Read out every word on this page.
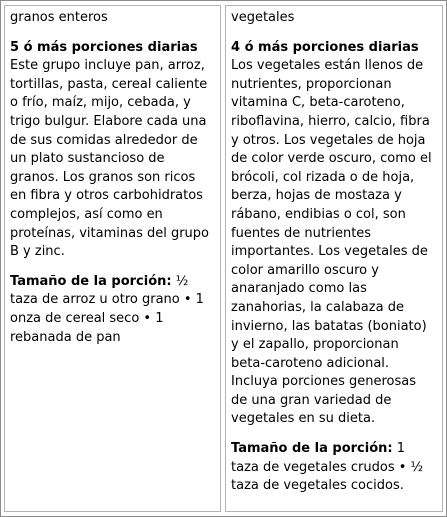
granos enteros

5 ó más porciones diarias

Este grupo incluye pan, arroz, tortillas, pasta, cereal caliente o frío, maíz, mijo, cebada, y trigo bulgur. Elabore cada una de sus comidas alrededor de un plato sustancioso de granos. Los granos son ricos en fibra y otros carbohidratos complejos, así como en proteínas, vitaminas del grupo B y zinc.

Tamaño de la porción: ½ taza de arroz u otro grano • 1 onza de cereal seco • 1 rebanada de pan

vegetales

4 ó más porciones diarias

Los vegetales están llenos de nutrientes, proporcionan vitamina C, beta-caroteno, riboflavina, hierro, calcio, fibra y otros. Los vegetales de hoja de color verde oscuro, como el brócoli, col rizada o de hoja, berza, hojas de mostaza y rábano, endibias o col, son fuentes de nutrientes importantes. Los vegetales de color amarillo oscuro y anaranjado como las zanahorias, la calabaza de invierno, las batatas (boniato) y el zapallo, proporcionan beta-caroteno adicional. Incluya porciones generosas de una gran variedad de vegetales en su dieta.

Tamaño de la porción: 1 taza de vegetales crudos • ½ taza de vegetales cocidos.
